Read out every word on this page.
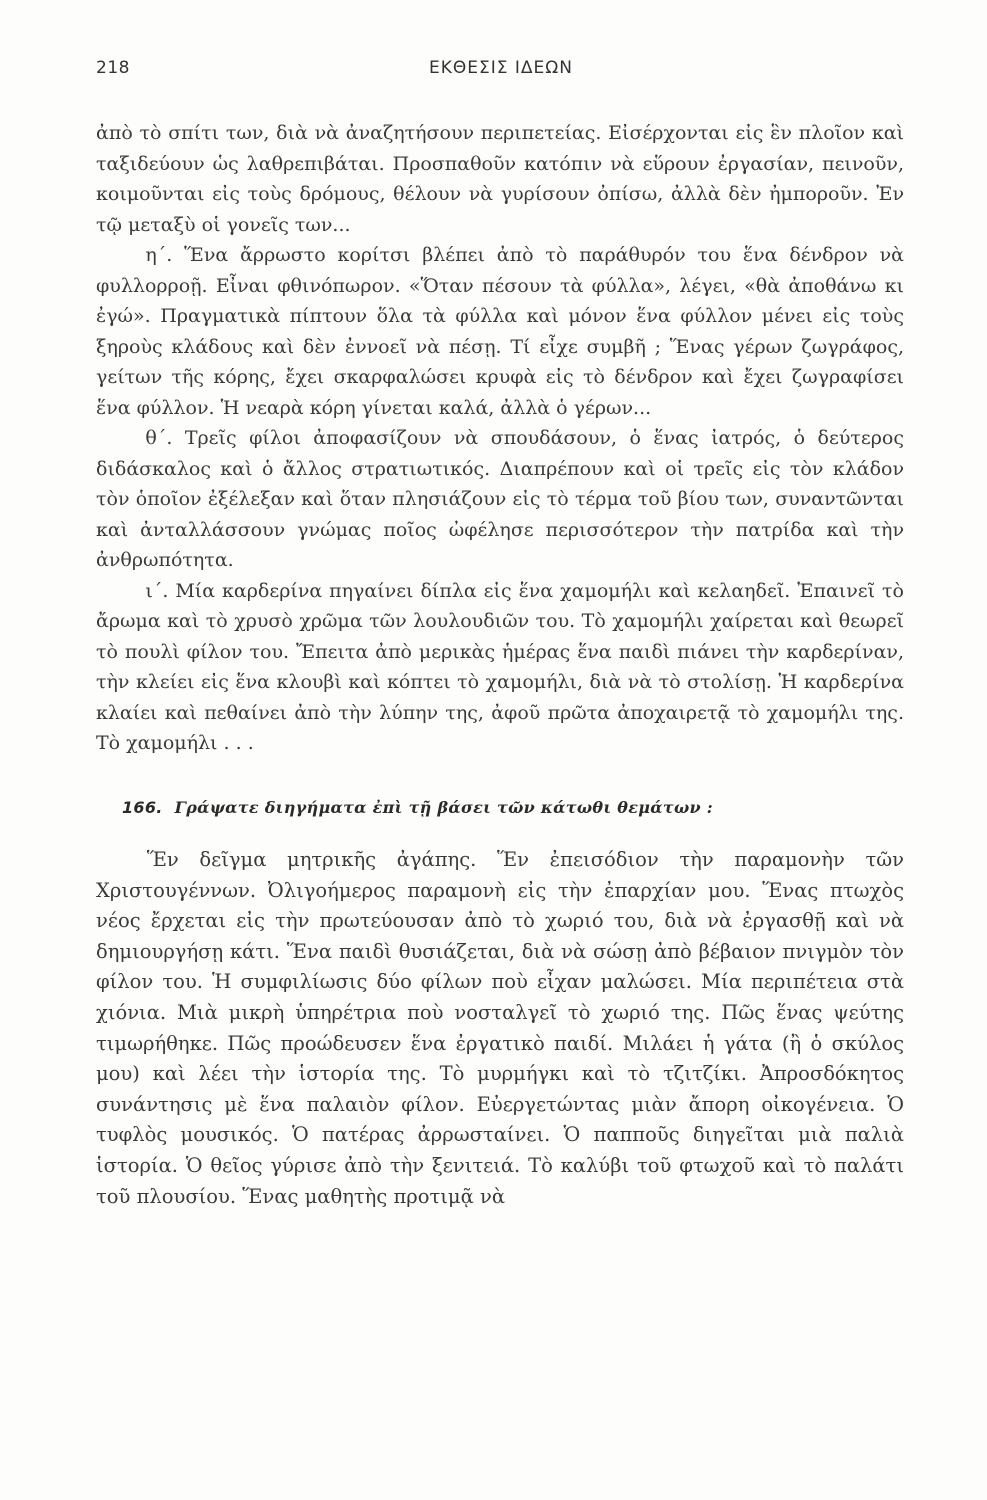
218	ΕΚΘΕΣΙΣ ΙΔΕΩΝ

ἀπὸ τὸ σπίτι των, διὰ νὰ ἀναζητήσουν περιπετείας. Εἰσέρχονται εἰς ἓν πλοῖον καὶ ταξιδεύουν ὡς λαθρεπιβάται. Προσπαθοῦν κατόπιν νὰ εὕρουν ἐργασίαν, πεινοῦν, κοιμοῦνται εἰς τοὺς δρόμους, θέλουν νὰ γυρίσουν ὀπίσω, ἀλλὰ δὲν ἠμποροῦν. Ἐν τῷ μεταξὺ οἱ γονεῖς των...

η΄. Ἕνα ἄρρωστο κορίτσι βλέπει ἀπὸ τὸ παράθυρόν του ἕνα δένδρον νὰ φυλλορροῇ. Εἶναι φθινόπωρον. «Ὅταν πέσουν τὰ φύλλα», λέγει, «θὰ ἀποθάνω κι ἐγώ». Πραγματικὰ πίπτουν ὅλα τὰ φύλλα καὶ μόνον ἕνα φύλλον μένει εἰς τοὺς ξηροὺς κλάδους καὶ δὲν ἐννοεῖ νὰ πέσῃ. Τί εἶχε συμβῆ ; Ἕνας γέρων ζωγράφος, γείτων τῆς κόρης, ἔχει σκαρφαλώσει κρυφὰ εἰς τὸ δένδρον καὶ ἔχει ζωγραφίσει ἕνα φύλλον. Ἡ νεαρὰ κόρη γίνεται καλά, ἀλλὰ ὁ γέρων...

θ΄. Τρεῖς φίλοι ἀποφασίζουν νὰ σπουδάσουν, ὁ ἕνας ἰατρός, ὁ δεύτερος διδάσκαλος καὶ ὁ ἄλλος στρατιωτικός. Διαπρέπουν καὶ οἱ τρεῖς εἰς τὸν κλάδον τὸν ὁποῖον ἐξέλεξαν καὶ ὅταν πλησιάζουν εἰς τὸ τέρμα τοῦ βίου των, συναντῶνται καὶ ἀνταλλάσσουν γνώμας ποῖος ὠφέλησε περισσότερον τὴν πατρίδα καὶ τὴν ἀνθρωπότητα.

ι΄. Μία καρδερίνα πηγαίνει δίπλα εἰς ἕνα χαμομήλι καὶ κελαηδεῖ. Ἐπαινεῖ τὸ ἄρωμα καὶ τὸ χρυσὸ χρῶμα τῶν λουλουδιῶν του. Τὸ χαμομήλι χαίρεται καὶ θεωρεῖ τὸ πουλὶ φίλον του. Ἔπειτα ἀπὸ μερικὰς ἡμέρας ἕνα παιδὶ πιάνει τὴν καρδερίναν, τὴν κλείει εἰς ἕνα κλουβὶ καὶ κόπτει τὸ χαμομήλι, διὰ νὰ τὸ στολίσῃ. Ἡ καρδερίνα κλαίει καὶ πεθαίνει ἀπὸ τὴν λύπην της, ἀφοῦ πρῶτα ἀποχαιρετᾷ τὸ χαμομήλι της. Τὸ χαμομήλι . . .

166. Γράψατε διηγήματα ἐπὶ τῇ βάσει τῶν κάτωθι θεμάτων :

Ἕν δεῖγμα μητρικῆς ἀγάπης. Ἕν ἐπεισόδιον τὴν παραμονὴν τῶν Χριστουγέννων. Ὀλιγοήμερος παραμονὴ εἰς τὴν ἐπαρχίαν μου. Ἕνας πτωχὸς νέος ἔρχεται εἰς τὴν πρωτεύουσαν ἀπὸ τὸ χωριό του, διὰ νὰ ἐργασθῇ καὶ νὰ δημιουργήσῃ κάτι. Ἕνα παιδὶ θυσιάζεται, διὰ νὰ σώσῃ ἀπὸ βέβαιον πνιγμὸν τὸν φίλον του. Ἡ συμφιλίωσις δύο φίλων ποὺ εἶχαν μαλώσει. Μία περιπέτεια στὰ χιόνια. Μιὰ μικρὴ ὑπηρέτρια ποὺ νοσταλγεῖ τὸ χωριό της. Πῶς ἕνας ψεύτης τιμωρήθηκε. Πῶς προώδευσεν ἕνα ἐργατικὸ παιδί. Μιλάει ἡ γάτα (ἢ ὁ σκύλος μου) καὶ λέει τὴν ἱστορία της. Τὸ μυρμήγκι καὶ τὸ τζιτζίκι. Ἀπροσδόκητος συνάντησις μὲ ἕνα παλαιὸν φίλον. Εὐεργετώντας μιὰν ἄπορη οἰκογένεια. Ὁ τυφλὸς μουσικός. Ὁ πατέρας ἀρρωσταίνει. Ὁ παπποῦς διηγεῖται μιὰ παλιὰ ἱστορία. Ὁ θεῖος γύρισε ἀπὸ τὴν ξενιτειά. Τὸ καλύβι τοῦ φτωχοῦ καὶ τὸ παλάτι τοῦ πλουσίου. Ἕνας μαθητὴς προτιμᾷ νὰ
